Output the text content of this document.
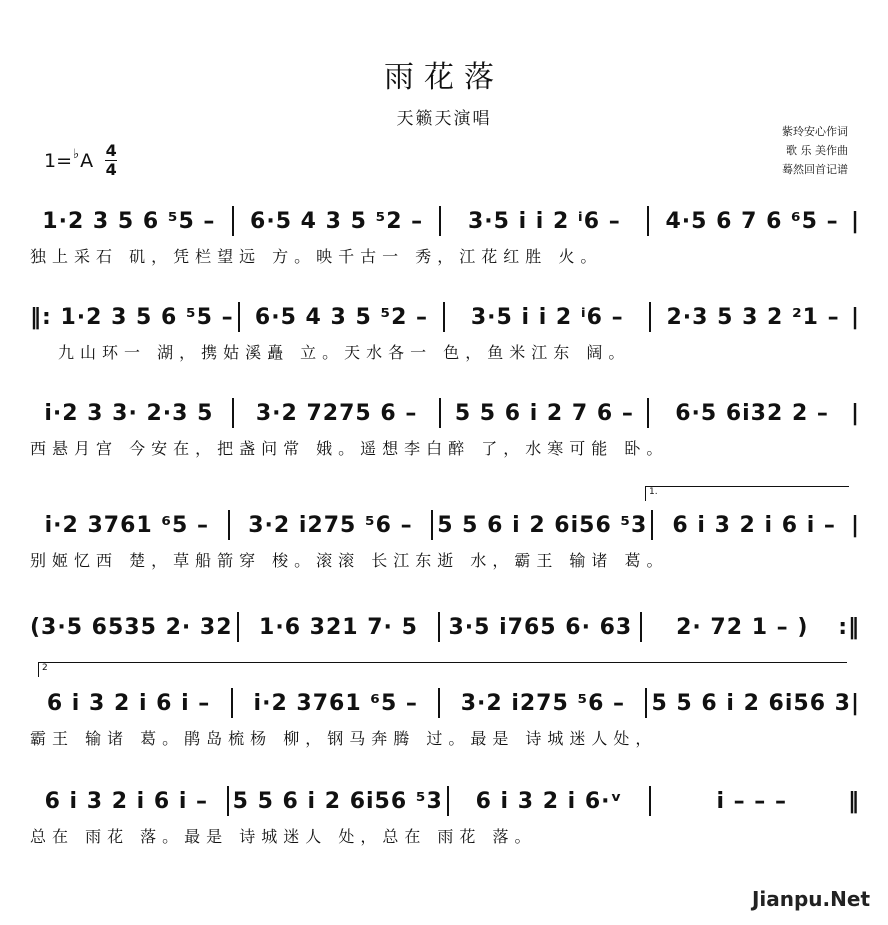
雨花落
天籁天演唱
紫玲安心作词
歌 乐 美作曲
蓦然回首记谱
1= ♭ A 4
4
1·2 3 5 6 ⁵5 –	6·5 4 3 5 ⁵2 –	3·5 i i 2 ⁱ6 –	4·5 6 7 6 ⁶5 – |
独上采石 矶，凭栏望远 方。映千古一 秀，江花红胜 火。
‖: 1·2 3 5 6 ⁵5 – 6·5 4 3 5 ⁵2 –	3·5 i i 2 ⁱ6 –	2·3 5 3 2 ²1 – |
九山环一 湖，携姑溪矗 立。天水各一 色，鱼米江东 阔。
i·2 3 3· 2·3 5	3·2 7275 6 –	5 5 6 i 2 7 6 –	6·5 6i32 2 –	|
西悬月宫 今安在，把盏问常 娥。遥想李白醉 了，水寒可能 卧。
1.
i·2 3761 ⁶5 –	3·2 i275 ⁵6 –	5 5 6 i 2 6i56 ⁵3	6 i 3 2 i 6 i – |
别姬忆西 楚，草船箭穿 梭。滚滚 长江东逝 水，霸王 输诸 葛。
(3·5 6535 2· 32	1·6 321 7· 5	3·5 i765 6· 63	2· 72 1 – )	:‖
2
6 i 3 2 i 6 i –	i·2 3761 ⁶5 –	3·2 i275 ⁵6 –	5 5 6 i 2 6i56 3 |
霸王 输诸 葛。鹃岛梳杨 柳，钢马奔腾 过。最是 诗城迷人处，
6 i 3 2 i 6 i –	5 5 6 i 2 6i56 ⁵3	6 i 3 2 i 6·ᵛ	i – – –	‖
总在 雨花 落。最是 诗城迷人 处，总在 雨花 落。
Jianpu.Net
